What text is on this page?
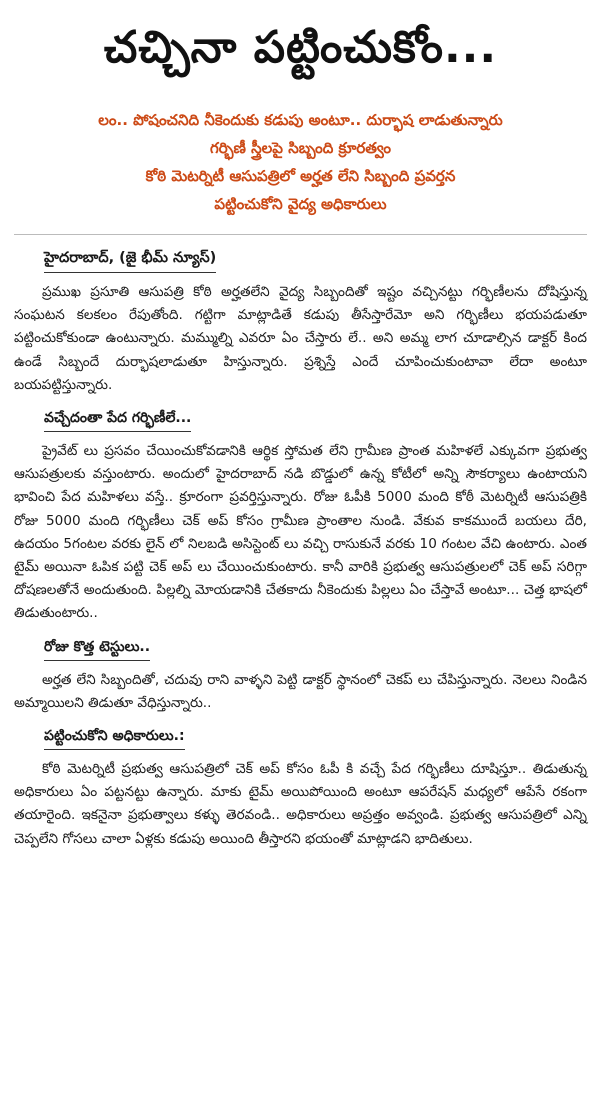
చచ్చినా పట్టించుకోం...
లం.. పోషంచనిది నీకెందుకు కడుపు అంటూ.. దుర్భాష లాడుతున్నారు
గర్భిణీ స్త్రీలపై సిబ్బంది క్రూరత్వం
కోఠి మెటర్నిటీ ఆసుపత్రిలో అర్హత లేని సిబ్బంది ప్రవర్తన
పట్టించుకోని వైద్య అధికారులు
హైదరాబాద్, (జై భీమ్ న్యూస్)

ప్రముఖ ప్రసూతి ఆసుపత్రి కోఠి అర్హతలేని వైద్య సిబ్బందితో ఇష్టం వచ్చినట్టు గర్భిణీలను దోషిస్తున్న సంఘటన కలకలం రేపుతోంది. గట్టిగా మాట్లాడితే కడుపు తీసేస్తారేమో అని గర్భిణీలు భయపడుతూ పట్టించుకోకుండా ఉంటున్నారు. మమ్ముల్ని ఎవరూ ఏం చేస్తారు లే.. అని అమ్మ లాగ చూడాల్సిన డాక్టర్ కింద ఉండే సిబ్బందే దుర్భాషలాడుతూ హిస్తున్నారు. ప్రశ్నిస్తే ఎందే చూపించుకుంటావా లేదా అంటూ బయపట్టిస్తున్నారు.

వచ్చేదంతా పేద గర్భిణీలే...

ప్రైవేట్ లు ప్రసవం చేయించుకోవడానికి ఆర్థిక స్తోమత లేని గ్రామీణ ప్రాంత మహిళలే ఎక్కువగా ప్రభుత్వ ఆసుపత్రులకు వస్తుంటారు. అందులో హైదరాబాద్ నడి బొడ్డులో ఉన్న కోటీలో అన్ని సౌకర్యాలు ఉంటాయని భావించి పేద మహిళలు వస్తే.. క్రూరంగా ప్రవర్తిస్తున్నారు. రోజు ఓపీకి 5000 మంది కోఠీ మెటర్నిటీ ఆసుపత్రికి రోజు 5000 మంది గర్భిణీలు చెక్ అప్ కోసం గ్రామీణ ప్రాంతాల నుండి. వేకువ కాకముందే బయలు దేరి, ఉదయం 5గంటల వరకు లైన్ లో నిలబడి అసిస్టెంట్ లు వచ్చి రాసుకునే వరకు 10 గంటల వేచి ఉంటారు. ఎంత టైమ్ అయినా ఓపిక పట్టి చెక్ అప్ లు చేయించుకుంటారు. కానీ వారికి ప్రభుత్వ ఆసుపత్రులలో చెక్ అప్ సరిగ్గా దోషణలతోనే అందుతుంది. పిల్లల్ని మోయడానికి చేతకాదు నీకెందుకు పిల్లలు ఏం చేస్తావే అంటూ... చెత్త భాషలో తిడుతుంటారు..

రోజు కొత్త టెస్టులు..

అర్హత లేని సిబ్బందితో, చదువు రాని వాళ్ళని పెట్టి డాక్టర్ స్థానంలో చెకప్ లు చేపిస్తున్నారు. నెలలు నిండిన అమ్మాయిలని తిడుతూ వేధిస్తున్నారు..

పట్టించుకోని అధికారులు.:

కోఠి మెటర్నిటీ ప్రభుత్వ ఆసుపత్రిలో చెక్ అప్ కోసం ఓపీ కి వచ్చే పేద గర్భిణీలు దూషిస్తూ.. తిడుతున్న అధికారులు ఏం పట్టనట్టు ఉన్నారు. మాకు టైమ్ అయిపోయింది అంటూ ఆపరేషన్ మధ్యలో ఆపేసే రకంగా తయారైంది. ఇకనైనా ప్రభుత్వాలు కళ్ళు తెరవండి.. అధికారులు అప్రత్తం అవ్వండి. ప్రభుత్వ ఆసుపత్రిలో ఎన్ని చెప్పలేని గోసలు చాలా ఏళ్లకు కడుపు అయింది తీస్తారని భయంతో మాట్లాడని భాదితులు.
